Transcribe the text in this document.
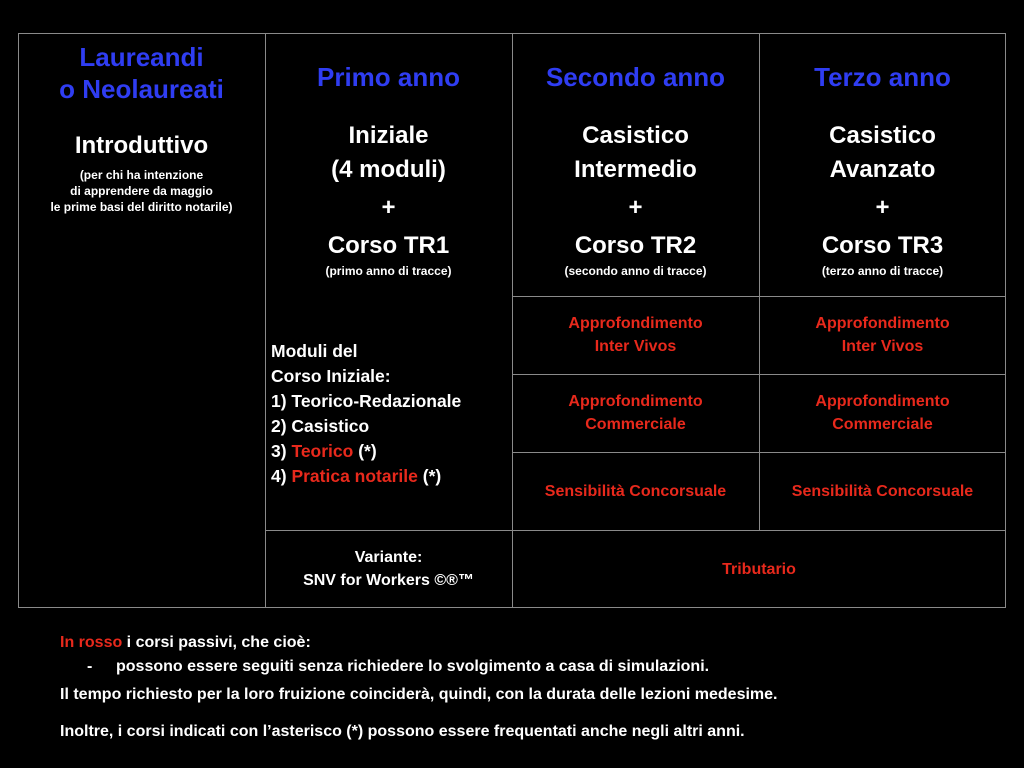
Laureandi
o Neolaureati
Introduttivo
(per chi ha intenzione
di apprendere da maggio
le prime basi del diritto notarile)
Primo anno
Iniziale
(4 moduli)
+
Corso TR1
(primo anno di tracce)
Secondo anno
Casistico
Intermedio
+
Corso TR2
(secondo anno di tracce)
Terzo anno
Casistico
Avanzato
+
Corso TR3
(terzo anno di tracce)
Moduli del
Corso Iniziale:
1) Teorico-Redazionale
2) Casistico
3) Teorico (*)
4) Pratica notarile (*)
Approfondimento
Inter Vivos
Approfondimento
Commerciale
Sensibilità Concorsuale
Approfondimento
Inter Vivos
Approfondimento
Commerciale
Sensibilità Concorsuale
Variante:
SNV for Workers ©®™
Tributario
In rosso i corsi passivi, che cioè:
- possono essere seguiti senza richiedere lo svolgimento a casa di simulazioni.
Il tempo richiesto per la loro fruizione coinciderà, quindi, con la durata delle lezioni medesime.
Inoltre, i corsi indicati con l’asterisco (*) possono essere frequentati anche negli altri anni.
